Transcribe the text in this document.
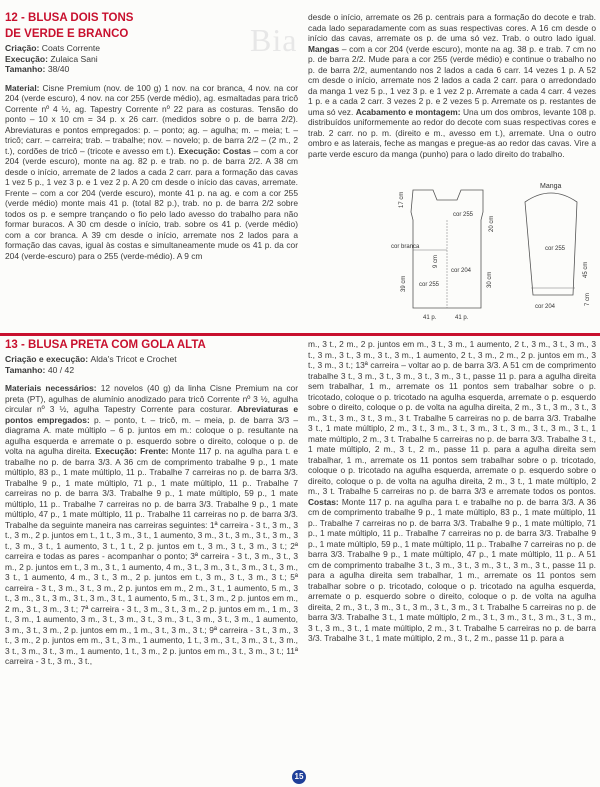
Bia

12 - BLUSA DOIS TONS

DE VERDE E BRANCO

Criação: Coats Corrente
Execução: Zulaica Sani
Tamanho: 38/40

Material: Cisne Premium (nov. de 100 g) 1 nov. na cor branca, 4 nov. na cor 204 (verde escuro), 4 nov. na cor 255 (verde médio), ag. esmaltadas para tricô Corrente nº 4 ½, ag. Tapestry Corrente nº 22 para as costuras. Tensão do ponto – 10 x 10 cm = 34 p. x 26 carr. (medidos sobre o p. de barra 2/2). Abreviaturas e pontos empregados: p. – ponto; ag. – agulha; m. – meia; t. – tricô; carr. – carreira; trab. – trabalhe; nov. – novelo; p. de barra 2/2 – (2 m., 2 t.), cordões de tricô – (tricote e avesso em t.). Execução: Costas – com a cor 204 (verde escuro), monte na ag. 82 p. e trab. no p. de barra 2/2. A 38 cm desde o início, arremate de 2 lados a cada 2 carr. para a formação das cavas 1 vez 5 p., 1 vez 3 p. e 1 vez 2 p. A 20 cm desde o início das cavas, arremate. Frente – com a cor 204 (verde escuro), monte 41 p. na ag. e com a cor 255 (verde médio) monte mais 41 p. (total 82 p.), trab. no p. de barra 2/2 sobre todos os p. e sempre trançando o fio pelo lado avesso do trabalho para não formar buracos. A 30 cm desde o início, trab. sobre os 41 p. (verde médio) com a cor branca. A 39 cm desde o início, arremate nos 2 lados para a formação das cavas, igual às costas e simultaneamente mude os 41 p. da cor 204 (verde-escuro) para o 255 (verde-médio). A 9 cm

desde o início, arremate os 26 p. centrais para a formação do decote e trab. cada lado separadamente com as suas respectivas cores. A 16 cm desde o início das cavas, arremate os p. de uma só vez. Trab. o outro lado igual. Mangas – com a cor 204 (verde escuro), monte na ag. 38 p. e trab. 7 cm no p. de barra 2/2. Mude para a cor 255 (verde médio) e continue o trabalho no p. de barra 2/2, aumentando nos 2 lados a cada 6 carr. 14 vezes 1 p. A 52 cm desde o início, arremate nos 2 lados a cada 2 carr. para o arredondado da manga 1 vez 5 p., 1 vez 3 p. e 1 vez 2 p. Arremate a cada 4 carr. 4 vezes 1 p. e a cada 2 carr. 3 vezes 2 p. e 2 vezes 5 p. Arremate os p. restantes de uma só vez. Acabamento e montagem: Una um dos ombros, levante 108 p. distribuídos uniformemente ao redor do decote com suas respectivas cores e trab. 2 carr. no p. m. (direito e m., avesso em t.), arremate. Una o outro ombro e as laterais, feche as mangas e pregue-as ao redor das cavas. Vire a parte verde escuro da manga (punho) para o lado direito do trabalho.

17 cm
20 cm
cor 255
cor branca
9 cm
cor 204
cor 255
39 cm	30 cm
41 p.	41 p.
Manga
cor 255
45 cm
cor 204
7 cm

13 - BLUSA PRETA COM GOLA ALTA

Criação e execução: Alda's Tricot e Crochet
Tamanho: 40 / 42

Materiais necessários: 12 novelos (40 g) da linha Cisne Premium na cor preta (PT), agulhas de alumínio anodizado para tricô Corrente nº 3 ½, agulha circular nº 3 ½, agulha Tapestry Corrente para costurar. Abreviaturas e pontos empregados: p. – ponto, t. – tricô, m. – meia, p. de barra 3/3 – diagrama A. mate múltiplo – 6 p. juntos em m.: coloque o p. resultante na agulha esquerda e arremate o p. esquerdo sobre o direito, coloque o p. de volta na agulha direita. Execução: Frente: Monte 117 p. na agulha para t. e trabalhe no p. de barra 3/3. A 36 cm de comprimento trabalhe 9 p., 1 mate múltiplo, 83 p., 1 mate múltiplo, 11 p.. Trabalhe 7 carreiras no p. de barra 3/3. Trabalhe 9 p., 1 mate múltiplo, 71 p., 1 mate múltiplo, 11 p.. Trabalhe 7 carreiras no p. de barra 3/3. Trabalhe 9 p., 1 mate múltiplo, 59 p., 1 mate múltiplo, 11 p.. Trabalhe 7 carreiras no p. de barra 3/3. Trabalhe 9 p., 1 mate múltiplo, 47 p., 1 mate múltiplo, 11 p.. Trabalhe 11 carreiras no p. de barra 3/3. Trabalhe da seguinte maneira nas carreiras seguintes: 1ª carreira - 3 t., 3 m., 3 t., 3 m., 2 p. juntos em t., 1 t., 3 m., 3 t., 1 aumento, 3 m., 3 t., 3 m., 3 t., 3 m., 3 t., 3 m., 3 t., 1 aumento, 3 t., 1 t., 2 p. juntos em t., 3 m., 3 t., 3 m., 3 t.; 2ª carreira e todas as pares - acompanhar o ponto; 3ª carreira - 3 t., 3 m., 3 t., 3 m., 2 p. juntos em t., 3 m., 3 t., 1 aumento, 4 m., 3 t., 3 m., 3 t., 3 m., 3 t., 3 m., 3 t., 1 aumento, 4 m., 3 t., 3 m., 2 p. juntos em t., 3 m., 3 t., 3 m., 3 t.; 5ª carreira - 3 t., 3 m., 3 t., 3 m., 2 p. juntos em m., 2 m., 3 t., 1 aumento, 5 m., 3 t., 3 m., 3 t., 3 m., 3 t., 3 m., 3 t., 1 aumento, 5 m., 3 t., 3 m., 2 p. juntos em m., 2 m., 3 t., 3 m., 3 t.; 7ª carreira - 3 t., 3 m., 3 t., 3 m., 2 p. juntos em m., 1 m., 3 t., 3 m., 1 aumento, 3 m., 3 t., 3 m., 3 t., 3 m., 3 t., 3 m., 3 t., 3 m., 1 aumento, 3 m., 3 t., 3 m., 2 p. juntos em m., 1 m., 3 t., 3 m., 3 t.; 9ª carreira - 3 t., 3 m., 3 t., 3 m., 2 p. juntos em m., 3 t., 3 m., 1 aumento, 1 t., 3 m., 3 t., 3 m., 3 t., 3 m., 3 t., 3 m., 3 t., 3 m., 1 aumento, 1 t., 3 m., 2 p. juntos em m., 3 t., 3 m., 3 t.; 11ª carreira - 3 t., 3 m., 3 t.,

m., 3 t., 2 m., 2 p. juntos em m., 3 t., 3 m., 1 aumento, 2 t., 3 m., 3 t., 3 m., 3 t., 3 m., 3 t., 3 m., 3 t., 3 m., 1 aumento, 2 t., 3 m., 2 m., 2 p. juntos em m., 3 t., 3 m., 3 t.; 13ª carreira – voltar ao p. de barra 3/3. A 51 cm de comprimento trabalhe 3 t., 3 m., 3 t., 3 m., 3 t., 3 m., 3 t., passe 11 p. para a agulha direita sem trabalhar, 1 m., arremate os 11 pontos sem trabalhar sobre o p. tricotado, coloque o p. tricotado na agulha esquerda, arremate o p. esquerdo sobre o direito, coloque o p. de volta na agulha direita, 2 m., 3 t., 3 m., 3 t., 3 m., 3 t., 3 m., 3 t., 3 m., 3 t. Trabalhe 5 carreiras no p. de barra 3/3. Trabalhe 3 t., 1 mate múltiplo, 2 m., 3 t., 3 m., 3 t., 3 m., 3 t., 3 m., 3 t., 3 m., 3 t., 1 mate múltiplo, 2 m., 3 t. Trabalhe 5 carreiras no p. de barra 3/3. Trabalhe 3 t., 1 mate múltiplo, 2 m., 3 t., 2 m., passe 11 p. para a agulha direita sem trabalhar, 1 m., arremate os 11 pontos sem trabalhar sobre o p. tricotado, coloque o p. tricotado na agulha esquerda, arremate o p. esquerdo sobre o direito, coloque o p. de volta na agulha direita, 2 m., 3 t., 1 mate múltiplo, 2 m., 3 t. Trabalhe 5 carreiras no p. de barra 3/3 e arremate todos os pontos. Costas: Monte 117 p. na agulha para t. e trabalhe no p. de barra 3/3. A 36 cm de comprimento trabalhe 9 p., 1 mate múltiplo, 83 p., 1 mate múltiplo, 11 p.. Trabalhe 7 carreiras no p. de barra 3/3. Trabalhe 9 p., 1 mate múltiplo, 71 p., 1 mate múltiplo, 11 p.. Trabalhe 7 carreiras no p. de barra 3/3. Trabalhe 9 p., 1 mate múltiplo, 59 p., 1 mate múltiplo, 11 p.. Trabalhe 7 carreiras no p. de barra 3/3. Trabalhe 9 p., 1 mate múltiplo, 47 p., 1 mate múltiplo, 11 p.. A 51 cm de comprimento trabalhe 3 t., 3 m., 3 t., 3 m., 3 t., 3 m., 3 t., passe 11 p. para a agulha direita sem trabalhar, 1 m., arremate os 11 pontos sem trabalhar sobre o p. tricotado, coloque o p. tricotado na agulha esquerda, arremate o p. esquerdo sobre o direito, coloque o p. de volta na agulha direita, 2 m., 3 t., 3 m., 3 t., 3 m., 3 t., 3 m., 3 t. Trabalhe 5 carreiras no p. de barra 3/3. Trabalhe 3 t., 1 mate múltiplo, 2 m., 3 t., 3 m., 3 t., 3 m., 3 t., 3 m., 3 t., 3 m., 3 t., 1 mate múltiplo, 2 m., 3 t. Trabalhe 5 carreiras no p. de barra 3/3. Trabalhe 3 t., 1 mate múltiplo, 2 m., 3 t., 2 m., passe 11 p. para a

15
